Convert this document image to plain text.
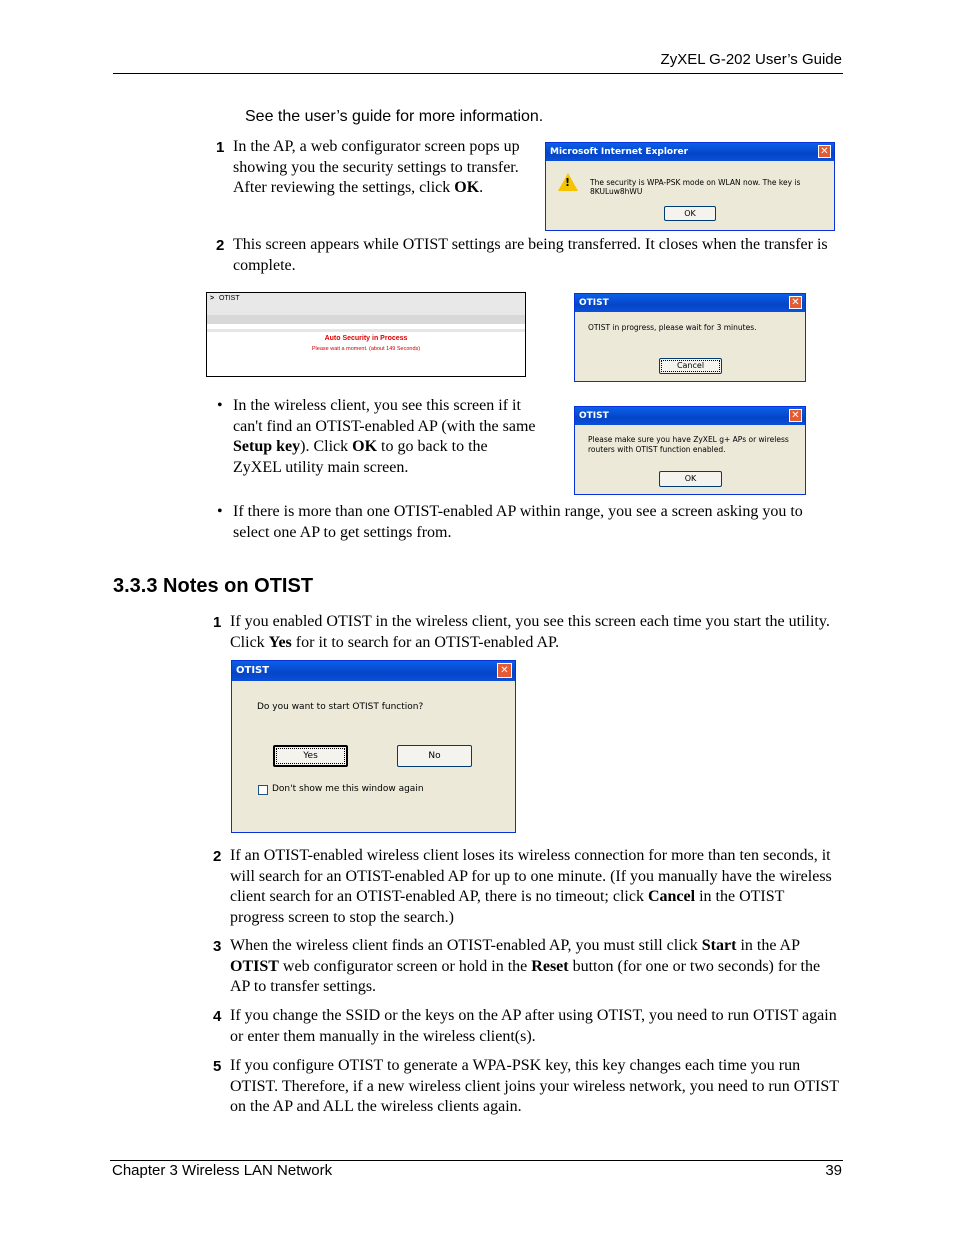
ZyXEL G-202 User’s Guide
See the user’s guide for more information.
1 In the AP, a web configurator screen pops up showing you the security settings to transfer. After reviewing the settings, click OK.
Microsoft Internet Explorer	✕
!	The security is WPA-PSK mode on WLAN now. The key is 8KULuw8hWU
OK
2 This screen appears while OTIST settings are being transferred. It closes when the transfer is complete.
> OTIST
Auto Security in Process
Please wait a moment. (about 149 Seconds)
OTIST	✕
OTIST in progress, please wait for 3 minutes.
Cancel
• In the wireless client, you see this screen if it can't find an OTIST-enabled AP (with the same Setup key). Click OK to go back to the ZyXEL utility main screen.
OTIST	✕
Please make sure you have ZyXEL g+ APs or wireless
routers with OTIST function enabled.
OK
• If there is more than one OTIST-enabled AP within range, you see a screen asking you to select one AP to get settings from.
3.3.3 Notes on OTIST
1 If you enabled OTIST in the wireless client, you see this screen each time you start the utility. Click Yes for it to search for an OTIST-enabled AP.
OTIST	✕
Do you want to start OTIST function?
Yes	No
Don't show me this window again
2 If an OTIST-enabled wireless client loses its wireless connection for more than ten seconds, it will search for an OTIST-enabled AP for up to one minute. (If you manually have the wireless client search for an OTIST-enabled AP, there is no timeout; click Cancel in the OTIST progress screen to stop the search.)
3 When the wireless client finds an OTIST-enabled AP, you must still click Start in the AP OTIST web configurator screen or hold in the Reset button (for one or two seconds) for the AP to transfer settings.
4 If you change the SSID or the keys on the AP after using OTIST, you need to run OTIST again or enter them manually in the wireless client(s).
5 If you configure OTIST to generate a WPA-PSK key, this key changes each time you run OTIST. Therefore, if a new wireless client joins your wireless network, you need to run OTIST on the AP and ALL the wireless clients again.
Chapter 3 Wireless LAN Network	39
